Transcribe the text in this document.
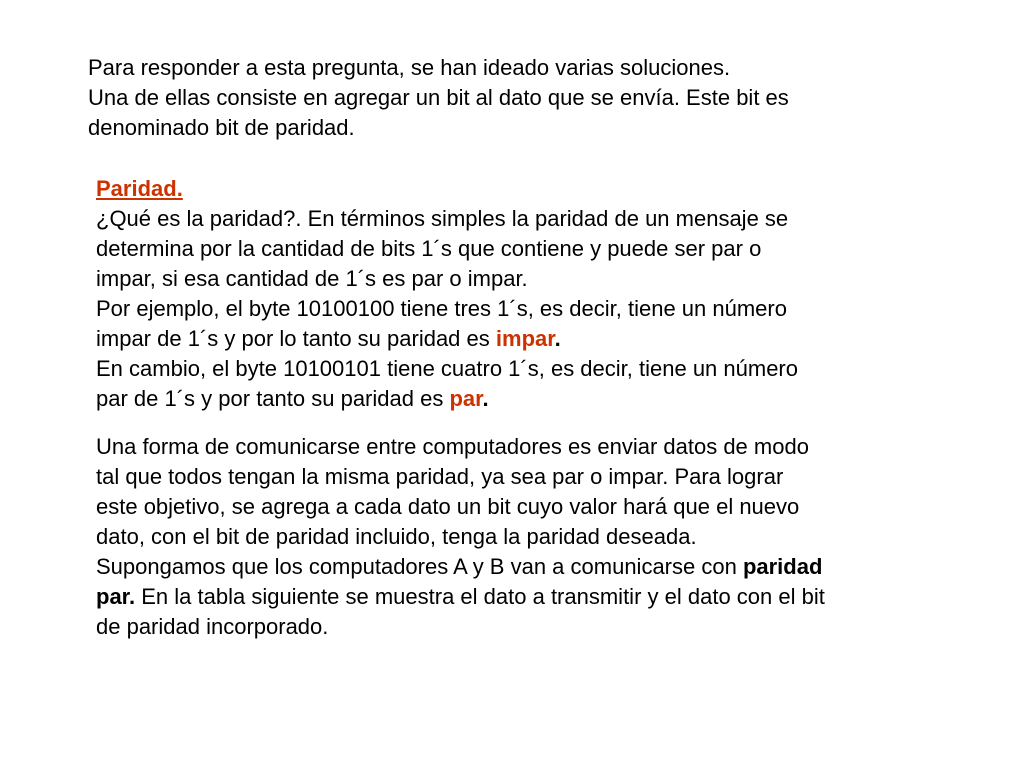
Para responder a esta pregunta, se han ideado varias soluciones.
Una de ellas consiste en agregar un bit al dato que se envía. Este bit es
denominado bit de paridad.
Paridad.
¿Qué es la paridad?. En términos simples la paridad de un mensaje se
determina por la cantidad de bits 1´s que contiene y puede ser par o
impar, si esa cantidad de 1´s es par o impar.
Por ejemplo, el byte 10100100 tiene tres 1´s, es decir, tiene un número
impar de 1´s y por lo tanto su paridad es impar.
En cambio, el byte 10100101 tiene cuatro 1´s, es decir, tiene un número
par de 1´s y por tanto su paridad es par.
Una forma de comunicarse entre computadores es enviar datos de modo
tal que todos tengan la misma paridad, ya sea par o impar. Para lograr
este objetivo, se agrega a cada dato un bit cuyo valor hará que el nuevo
dato, con el bit de paridad incluido, tenga la paridad deseada.
Supongamos que los computadores A y B van a comunicarse con paridad
par. En la tabla siguiente se muestra el dato a transmitir y el dato con el bit
de paridad incorporado.
